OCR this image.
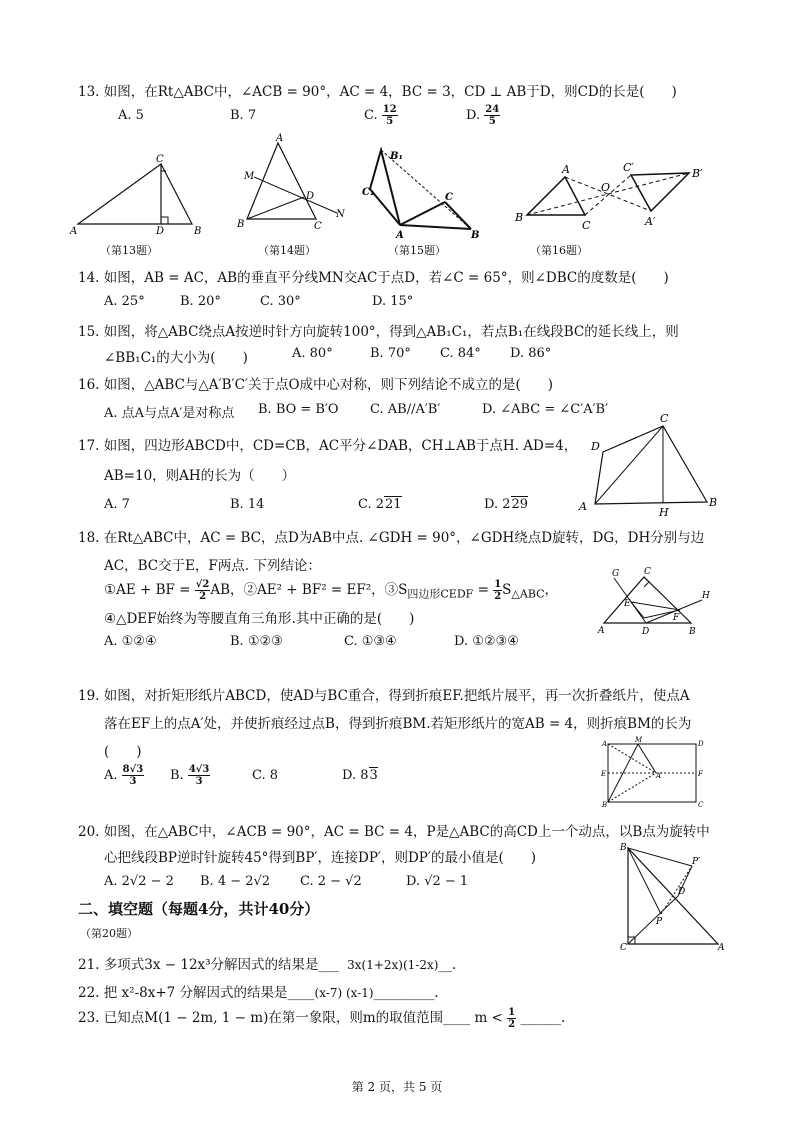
13. 如图，在Rt△ABC中，∠ACB = 90°，AC = 4，BC = 3，CD ⊥ AB于D，则CD的长是(　　)
A. 5	B. 7	C. $\frac{12}{5}$	D. $\frac{24}{5}$
C
A	D	B
（第13题）
A
M
D
B	C
N
（第14题）
B₁
C₁	C
A	B
（第15题）
A	C′	B′
O
B
C	A′
（第16题）
14. 如图，AB = AC，AB的垂直平分线MN交AC于点D，若∠C = 65°，则∠DBC的度数是(　　)
A. 25°	B. 20°	C. 30°	D. 15°
15. 如图，将△ABC绕点A按逆时针方向旋转100°，得到△AB₁C₁，若点B₁在线段BC的延长线上，则
∠BB₁C₁的大小为(　　)	A. 80°	B. 70° C. 84° D. 86°
16. 如图，△ABC与△A′B′C′关于点O成中心对称，则下列结论不成立的是(　　)
A. 点A与点A′是对称点 B. BO = B′O C. AB//A′B′	D. ∠ABC = ∠C′A′B′
17. 如图，四边形ABCD中，CD=CB，AC平分∠DAB，CH⊥AB于点H. AD=4，
AB=10，则AH的长为（　　）
A. 7	B. 14	C. 221	D. 229
C
D
A	H
B
18. 在Rt△ABC中，AC = BC，点D为AB中点. ∠GDH = 90°，∠GDH绕点D旋转，DG，DH分别与边
AC，BC交于E，F两点. 下列结论：
①AE + BF = $\frac{√2}{2}$ AB，②AE² + BF² = EF²，$③S_{四边形CEDF} = \frac{1}{2} S_{\triangle ABC}$，
④△DEF始终为等腰直角三角形.其中正确的是(　　)
A. ①②④	B. ①②③	C. ①③④	D. ①②③④
G	C
E
H
A	D
F
B
19. 如图，对折矩形纸片ABCD，使AD与BC重合，得到折痕EF.把纸片展平，再一次折叠纸片，使点A
落在EF上的点A′处，并使折痕经过点B，得到折痕BM.若矩形纸片的宽AB = 4，则折痕BM的长为
(　　)
A. $\frac{8√3}{3} B$. $\frac{4√3}{3}$	C. 8	D. 83
A	M	D
E	A′	F
B	C
20. 如图，在△ABC中，∠ACB = 90°，AC = BC = 4，P是△ABC的高CD上一个动点，以B点为旋转中
心把线段BP逆时针旋转45°得到BP′，连接DP′，则DP′的最小值是(　　)
A. 2√2 − 2 B. 4 − 2√2 C. 2 − √2	D. √2 − 1
B
P′
D
P
C	A
二、填空题（每题4分，共计40分）
（第20题）
21. 多项式3x − 12x³分解因式的结果是___ 3x(1+2x)(1-2x)__.
22. 把 x²-8x+7 分解因式的结果是____(x-7) (x-1)_________.
23. 已知点M(1 − 2m, 1 − m)在第一象限，则m的取值范围____ $m < \frac{1}{2}$ ______.
第 2 页，共 5 页
